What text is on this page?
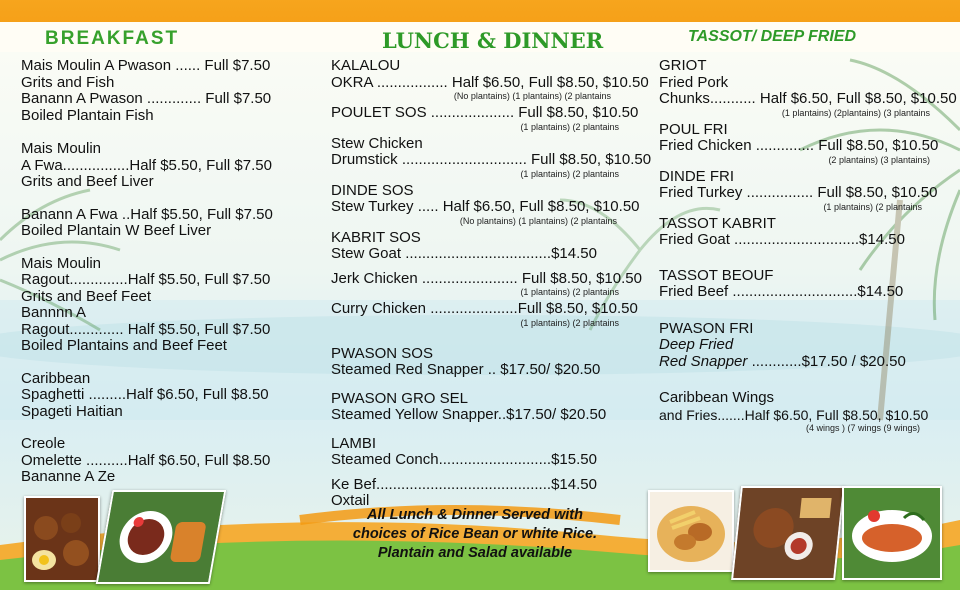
BREAKFAST	LUNCH & DINNER	TASSOT/ DEEP FRIED
Mais Moulin A Pwason ...... Full $7.50
Grits and Fish
Banann A Pwason ............. Full $7.50
Boiled Plantain Fish
Mais Moulin
A Fwa................Half $5.50, Full $7.50
Grits and Beef Liver
Banann A Fwa ..Half $5.50, Full $7.50
Boiled Plantain W Beef Liver
Mais Moulin
Ragout..............Half $5.50, Full $7.50
Grits and Beef Feet
Bannnn A
Ragout............. Half $5.50, Full $7.50
Boiled Plantains and Beef Feet
Caribbean
Spaghetti .........Half $6.50, Full $8.50
Spageti Haitian
Creole
Omelette ..........Half $6.50, Full $8.50
Bananne A Ze
KALALOU
OKRA ................. Half $6.50, Full $8.50, $10.50
(No plantains) (1 plantains) (2 plantains
POULET SOS .................... Full $8.50, $10.50
(1 plantains) (2 plantains
Stew Chicken
Drumstick .............................. Full $8.50, $10.50
(1 plantains) (2 plantains
DINDE SOS
Stew Turkey ..... Half $6.50, Full $8.50, $10.50
(No plantains) (1 plantains) (2 plantains
KABRIT SOS
Stew Goat ...................................$14.50
Jerk Chicken ....................... Full $8.50, $10.50
(1 plantains) (2 plantains
Curry Chicken .....................Full $8.50, $10.50
(1 plantains) (2 plantains
PWASON SOS
Steamed Red Snapper .. $17.50/ $20.50
PWASON GRO SEL
Steamed Yellow Snapper..$17.50/ $20.50
LAMBI
Steamed Conch...........................$15.50
Ke Bef..........................................$14.50
Oxtail
GRIOT
Fried Pork
Chunks........... Half $6.50, Full $8.50, $10.50
(1 plantains) (2plantains) (3 plantains
POUL FRI
Fried Chicken .............. Full $8.50, $10.50
(2 plantains) (3 plantains)
DINDE FRI
Fried Turkey ................ Full $8.50, $10.50
(1 plantains) (2 plantains
TASSOT KABRIT
Fried Goat ..............................$14.50
TASSOT BEOUF
Fried Beef ..............................$14.50
PWASON FRI
Deep Fried
Red Snapper ............$17.50 / $20.50
Caribbean Wings
and Fries.......Half $6.50, Full $8.50, $10.50
(4 wings ) (7 wings (9 wings)
All Lunch & Dinner Served with
choices of Rice Bean or white Rice.
Plantain and Salad available
